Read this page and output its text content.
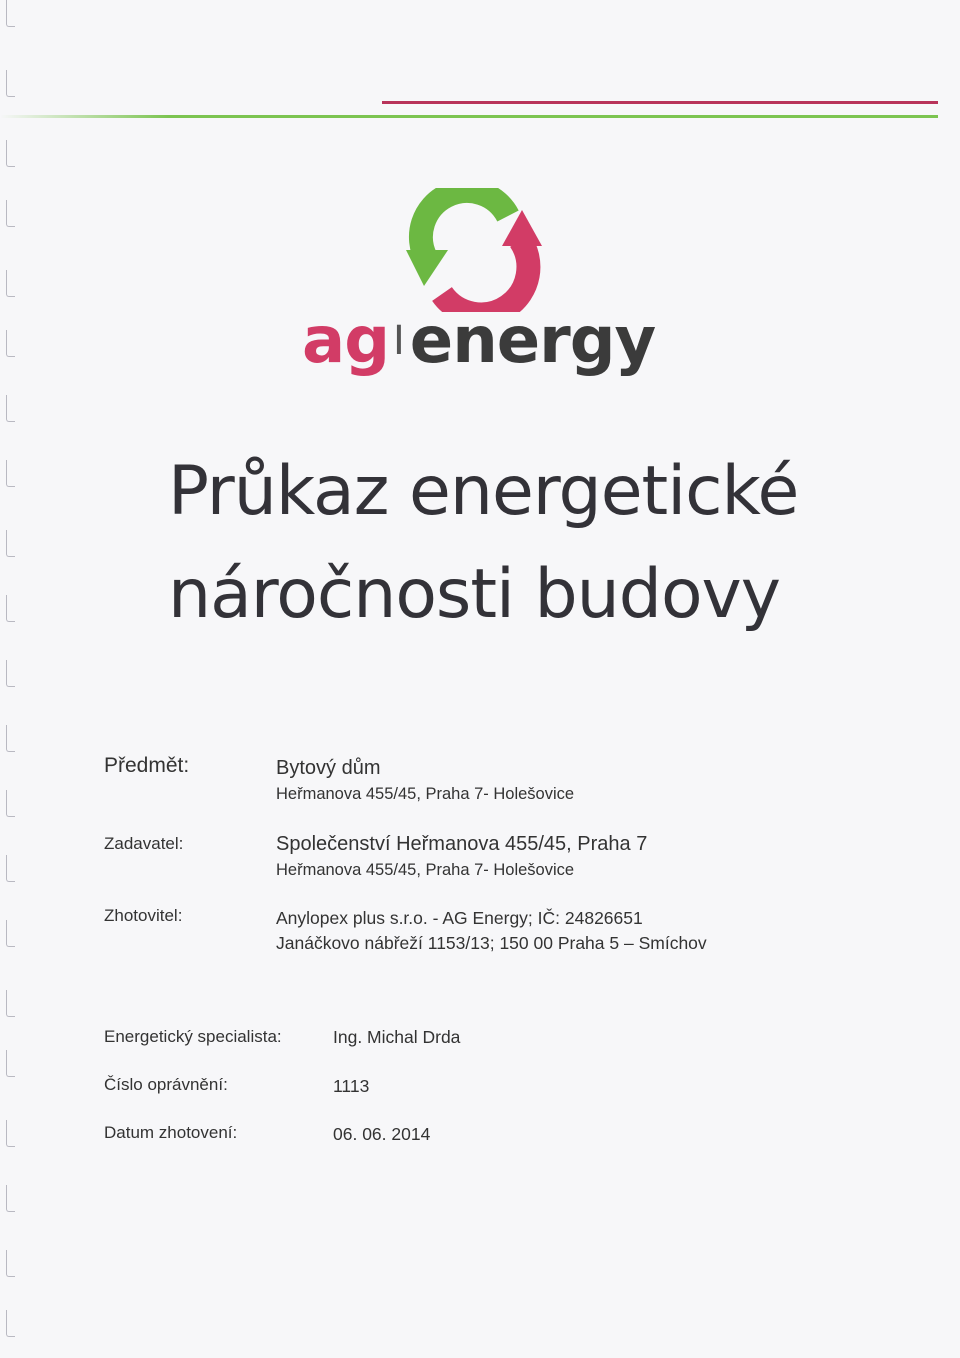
ag Ienergy
Průkaz energetické
náročnosti budovy
Předmět:	Bytový dům
Heřmanova 455/45, Praha 7- Holešovice
Zadavatel:	Společenství Heřmanova 455/45, Praha 7
Heřmanova 455/45, Praha 7- Holešovice
Zhotovitel:	Anylopex plus s.r.o. - AG Energy; IČ: 24826651
Janáčkovo nábřeží 1153/13; 150 00 Praha 5 – Smíchov
Energetický specialista:	Ing. Michal Drda
Číslo oprávnění:	1113
Datum zhotovení:	06. 06. 2014
